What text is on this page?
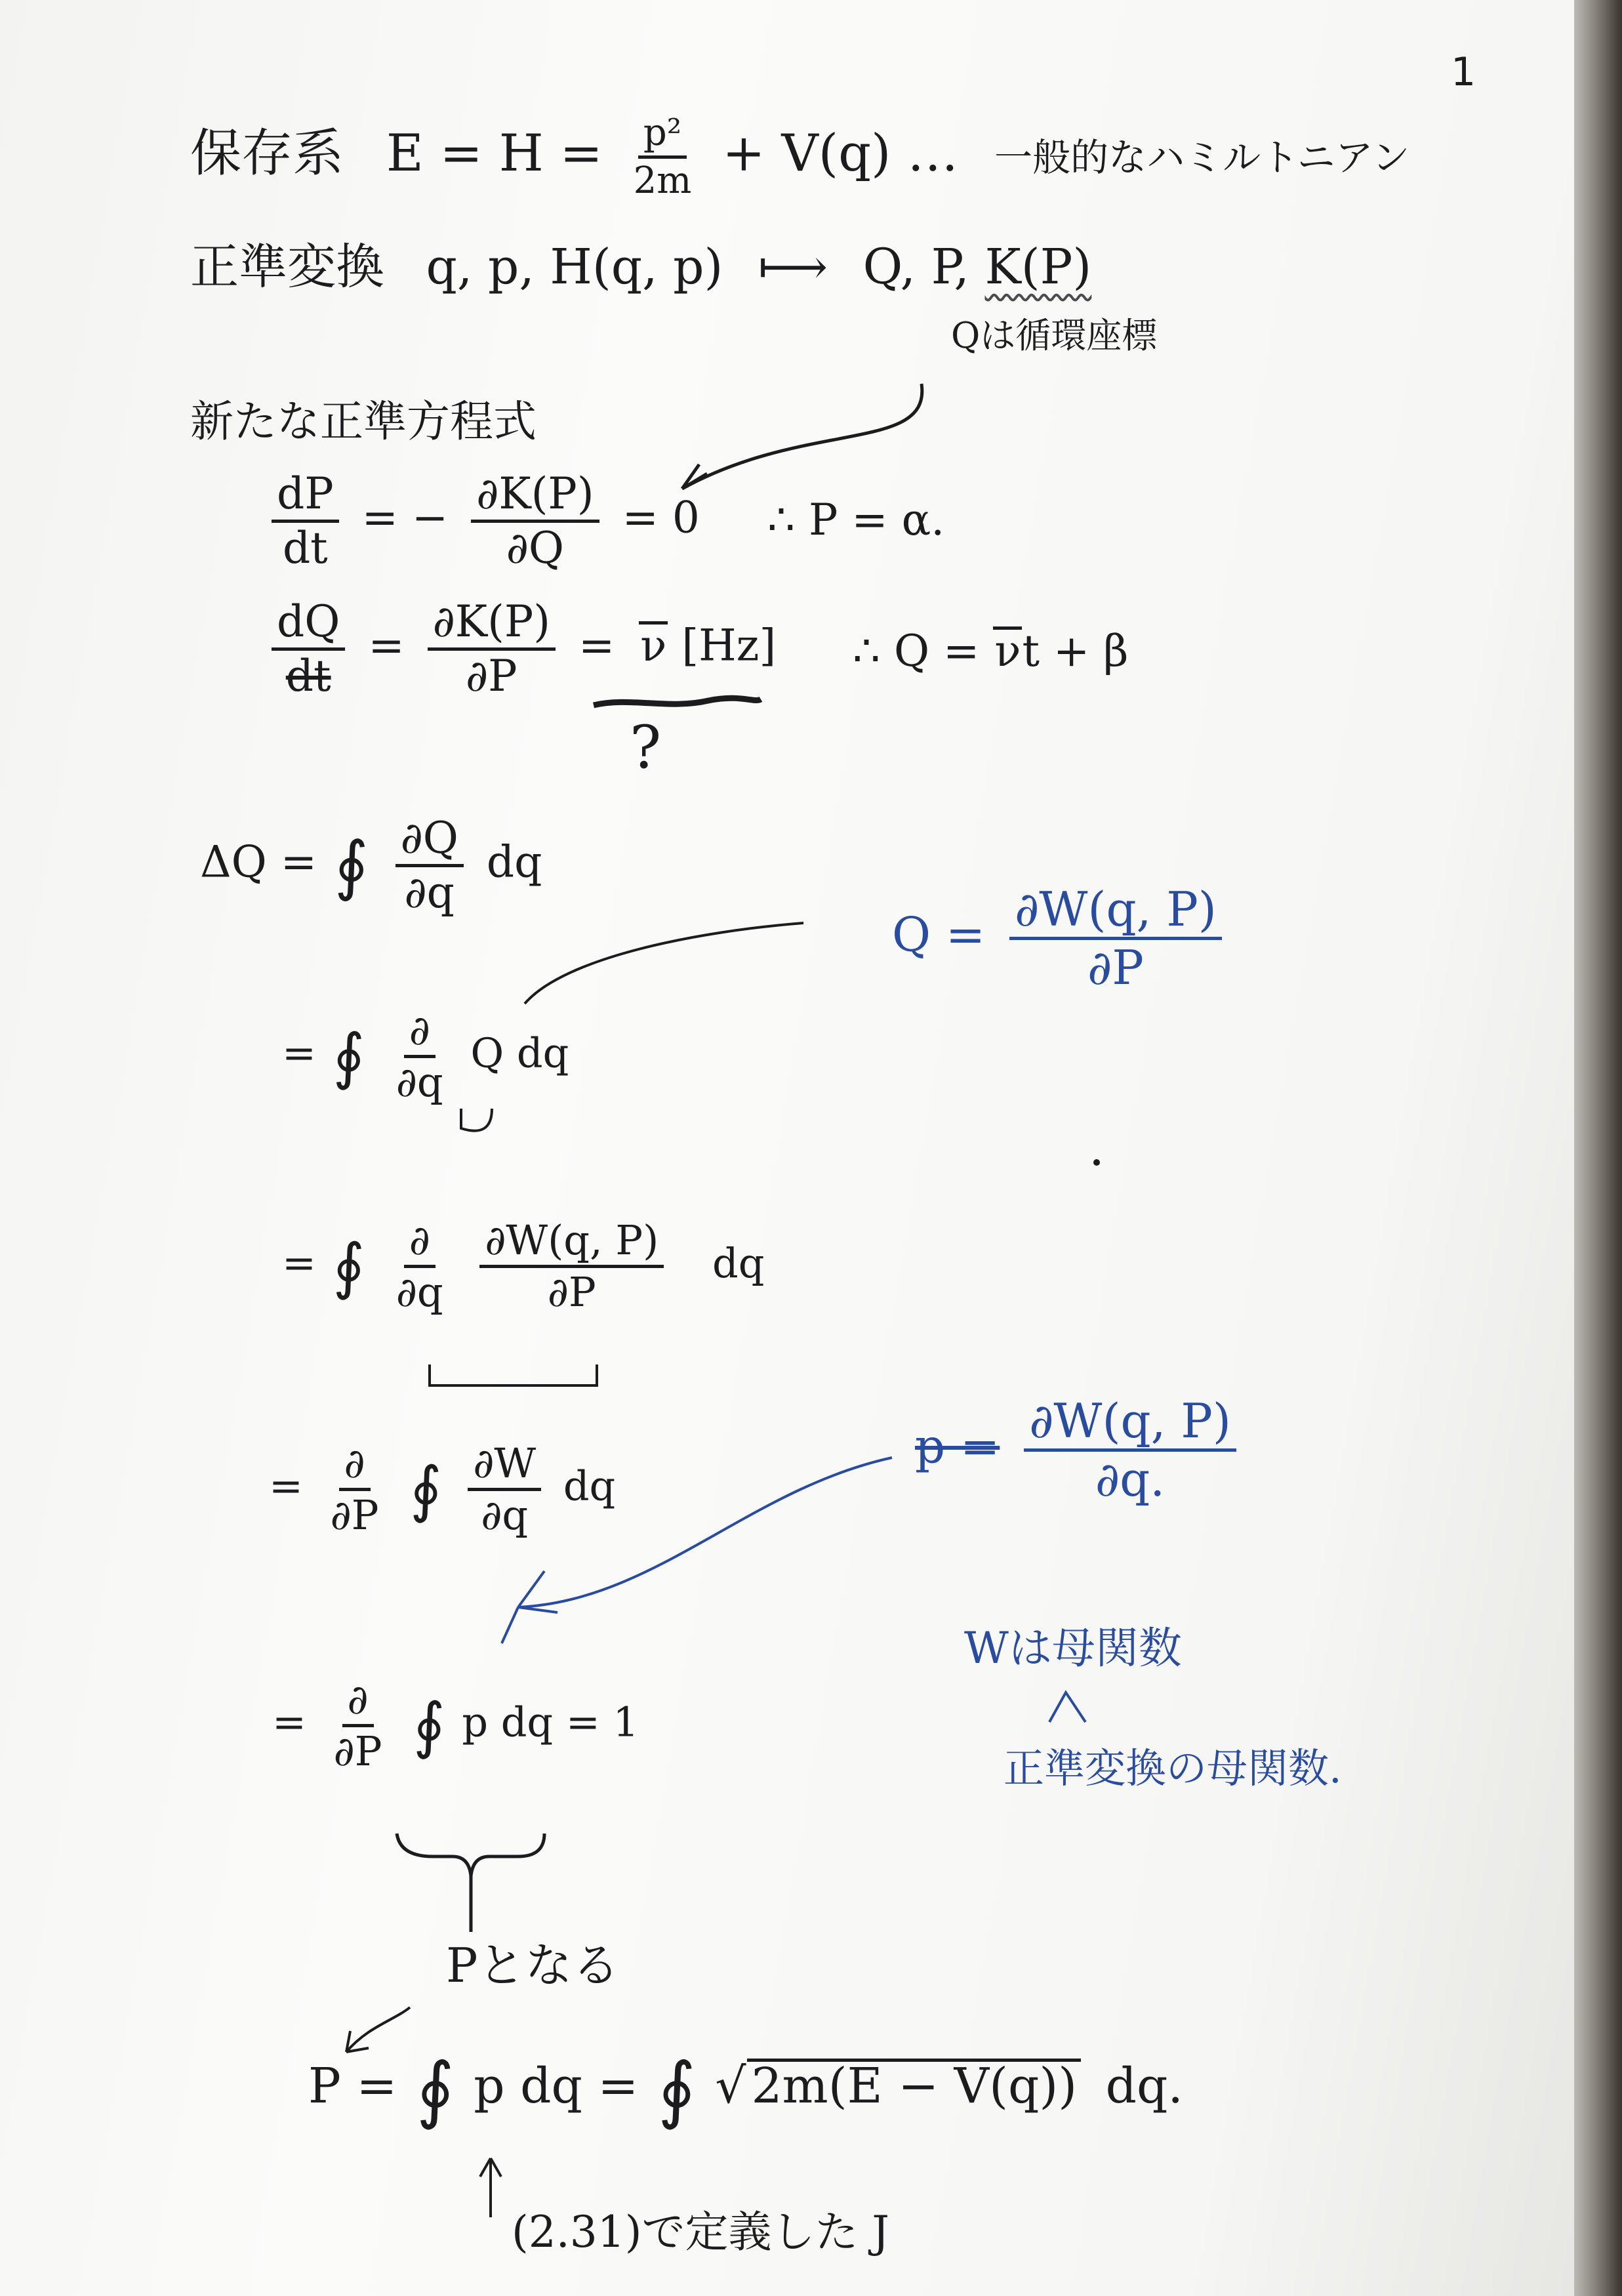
1
保存系 $E = H = \frac{\text{p²}}{2m} + V(q)$ … 一般的なハミルトニアン
正準変換 q, p, H(q, p) ⟼ Q, P, K(P)
Qは循環座標
新たな正準方程式
$\frac{dP}{dt}$ = − $\frac{\partial K(P)}{\partial Q} = 0$ ∴ P = α.
$\frac{dQ}{dt} = \frac{\partial K(P)}{\partial P} = \nu$ [Hz]
?
∴ Q = νt + β
ΔQ = ∮ $\frac{\partial Q}{\partial q}$ dq
$Q = \frac{\partial W(q, P)}{\partial P}$
= ∮ $\frac{\partial}{\partial q}$ Q dq
= ∮ $\frac{\partial}{\partial q}$
$\frac{\partial W(q, P)}{\partial P}$ dq
$p = \frac{\partial W(q, P)}{\partial q.}$
= $\frac{\partial}{\partial P}$ ∮ $\frac{\partial W}{\partial q}$ dq
Wは母関数
正準変換の母関数.
= $\frac{\partial}{\partial P}$ ∮ p dq = 1
Pとなる
P = ∮ p dq = ∮ √ 2m(E − V(q)) dq.
(2.31)で定義した J
